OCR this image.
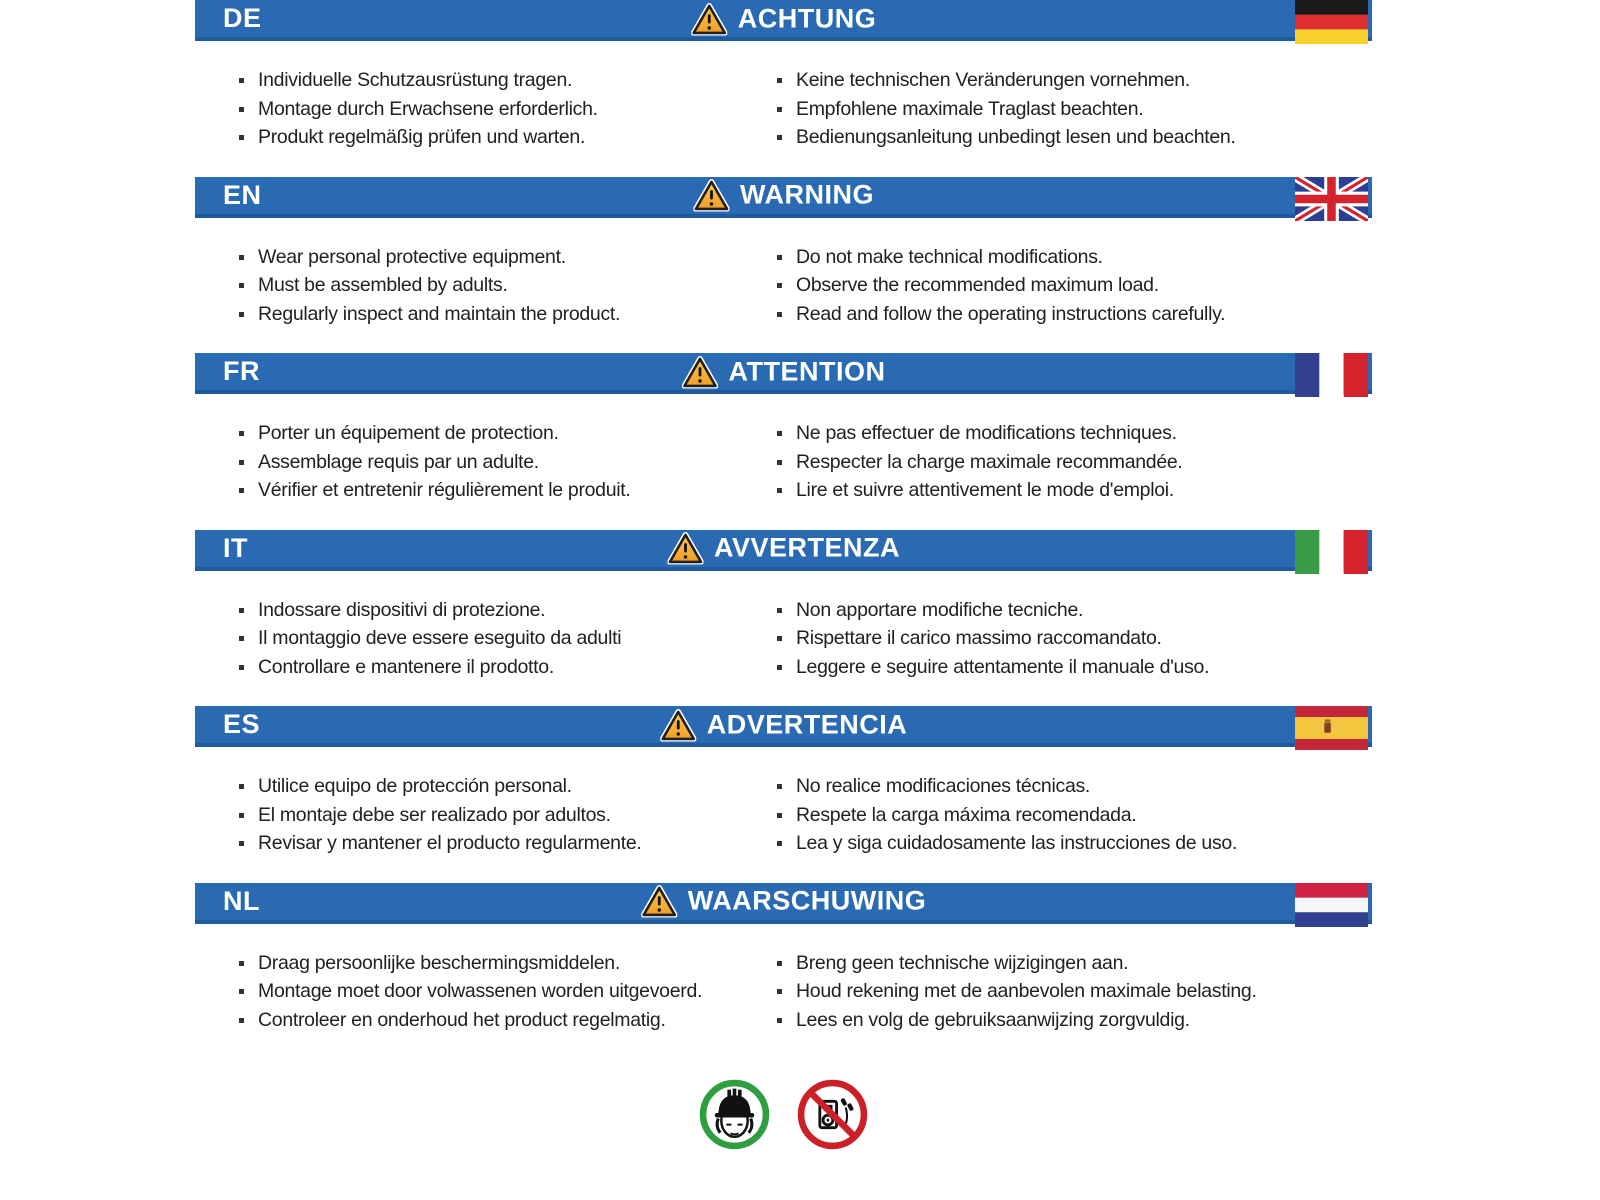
DE	ACHTUNG
Individuelle Schutzausrüstung tragen.
Montage durch Erwachsene erforderlich.
Produkt regelmäßig prüfen und warten.
Keine technischen Veränderungen vornehmen.
Empfohlene maximale Traglast beachten.
Bedienungsanleitung unbedingt lesen und beachten.
EN	WARNING
Wear personal protective equipment.
Must be assembled by adults.
Regularly inspect and maintain the product.
Do not make technical modifications.
Observe the recommended maximum load.
Read and follow the operating instructions carefully.
FR	ATTENTION
Porter un équipement de protection.
Assemblage requis par un adulte.
Vérifier et entretenir régulièrement le produit.
Ne pas effectuer de modifications techniques.
Respecter la charge maximale recommandée.
Lire et suivre attentivement le mode d'emploi.
IT	AVVERTENZA
Indossare dispositivi di protezione.
Il montaggio deve essere eseguito da adulti
Controllare e mantenere il prodotto.
Non apportare modifiche tecniche.
Rispettare il carico massimo raccomandato.
Leggere e seguire attentamente il manuale d'uso.
ES	ADVERTENCIA
Utilice equipo de protección personal.
El montaje debe ser realizado por adultos.
Revisar y mantener el producto regularmente.
No realice modificaciones técnicas.
Respete la carga máxima recomendada.
Lea y siga cuidadosamente las instrucciones de uso.
NL	WAARSCHUWING
Draag persoonlijke beschermingsmiddelen.
Montage moet door volwassenen worden uitgevoerd.
Controleer en onderhoud het product regelmatig.
Breng geen technische wijzigingen aan.
Houd rekening met de aanbevolen maximale belasting.
Lees en volg de gebruiksaanwijzing zorgvuldig.
